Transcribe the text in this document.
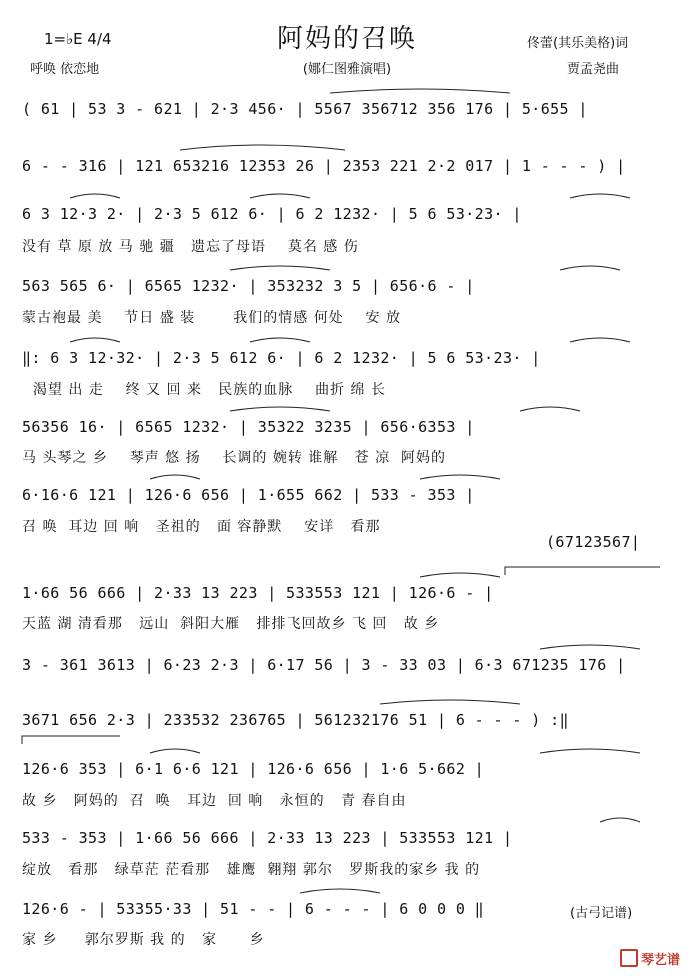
1=♭E 4/4	阿妈的召唤	佟蕾(其乐美格)词
呼唤 依恋地	(娜仁图雅演唱)	贾孟尧曲
( 61 | 53 3 - 621 | 2·3 456· | 5567 356712 356 176 | 5·655 |
6 - - 316 | 121 653216 12353 26 | 2353 221 2·2 017 | 1 - - - ) |
6 3 12·3 2· | 2·3 5 612 6· | 6 2 1232· | 5 6 53·23· |
没有 草 原 放 马 驰 疆   遗忘了母语    莫名 感 伤
563 565 6· | 6565 1232· | 353232 3 5 | 656·6 - |
蒙古袍最 美    节日 盛 装       我们的情感 何处    安 放
‖: 6 3 12·32· | 2·3 5 612 6· | 6 2 1232· | 5 6 53·23· |
渴望 出 走    终 又 回 来   民族的血脉    曲折 绵 长
56356 16· | 6565 1232· | 35322 3235 | 656·6353 |
马 头琴之 乡    琴声 悠 扬    长调的 婉转 谁解   苍 凉  阿妈的
6·16·6 121 | 126·6 656 | 1·655 662 | 533 - 353 |
召 唤  耳边 回 响   圣祖的   面 容静默    安详   看那
(67123567|
1·66 56 666 | 2·33 13 223 | 533553 121 | 126·6 - |
天蓝 湖 清看那   远山  斜阳大雁   排排飞回故乡 飞 回   故 乡
3 - 361 3613 | 6·23 2·3 | 6·17 56 | 3 - 33 03 | 6·3 671235 176 |
3671 656 2·3 | 233532 236765 | 561232176 51 | 6 - - - ) :‖
126·6 353 | 6·1 6·6 121 | 126·6 656 | 1·6 5·662 |
故 乡   阿妈的  召  唤   耳边  回 响   永恒的   青 春自由
533 - 353 | 1·66 56 666 | 2·33 13 223 | 533553 121 |
绽放   看那   绿草茫 茫看那   雄鹰  翱翔 郭尔   罗斯我的家乡 我 的
126·6 - | 53355·33 | 51 - - | 6 - - - | 6 0 0 0 ‖
家 乡     郭尔罗斯 我 的   家      乡
(古弓记谱)
琴艺谱
